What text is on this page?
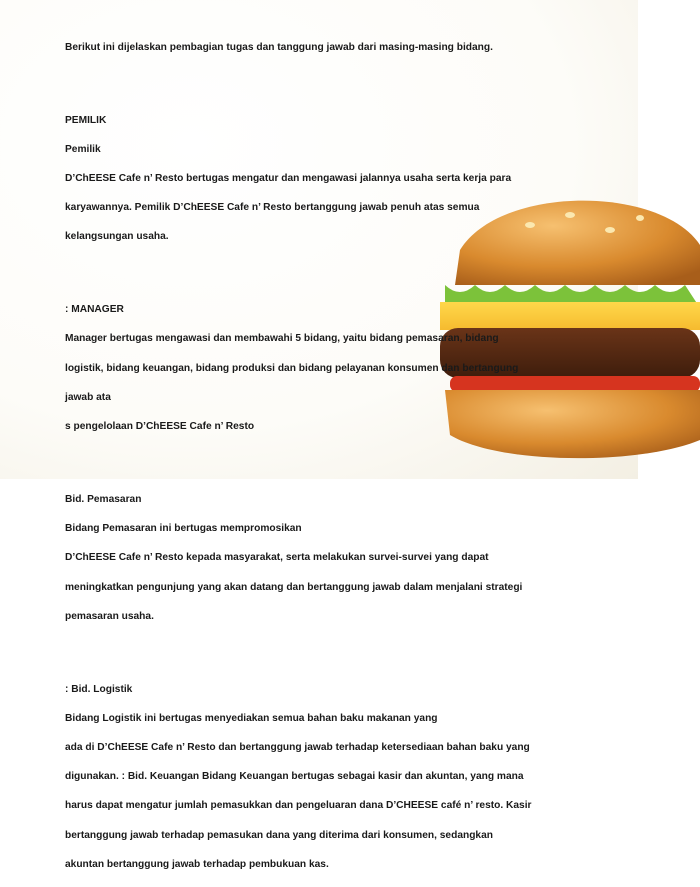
Berikut ini dijelaskan pembagian tugas dan tanggung jawab dari masing-masing bidang.

PEMILIK

Pemilik

D’ChEESE Cafe n’ Resto bertugas mengatur dan mengawasi jalannya usaha serta kerja para

karyawannya. Pemilik D’ChEESE Cafe n’ Resto bertanggung jawab penuh atas semua

kelangsungan usaha.

: MANAGER

Manager bertugas mengawasi dan membawahi 5 bidang, yaitu bidang pemasaran, bidang

logistik, bidang keuangan, bidang produksi dan bidang pelayanan konsumen dan bertangung

jawab ata

s pengelolaan D’ChEESE Cafe n’ Resto

Bid. Pemasaran

Bidang Pemasaran ini bertugas mempromosikan

D’ChEESE Cafe n’ Resto kepada masyarakat, serta melakukan survei-survei yang dapat

meningkatkan pengunjung yang akan datang dan bertanggung jawab dalam menjalani strategi

pemasaran usaha.

: Bid. Logistik

Bidang Logistik ini bertugas menyediakan semua bahan baku makanan yang

ada di D’ChEESE Cafe n’ Resto dan bertanggung jawab terhadap ketersediaan bahan baku yang

digunakan. : Bid. Keuangan Bidang Keuangan bertugas sebagai kasir dan akuntan, yang mana

harus dapat mengatur jumlah pemasukkan dan pengeluaran dana D’CHEESE café n’ resto. Kasir

bertanggung jawab terhadap pemasukan dana yang diterima dari konsumen, sedangkan

akuntan bertanggung jawab terhadap pembukuan kas.
